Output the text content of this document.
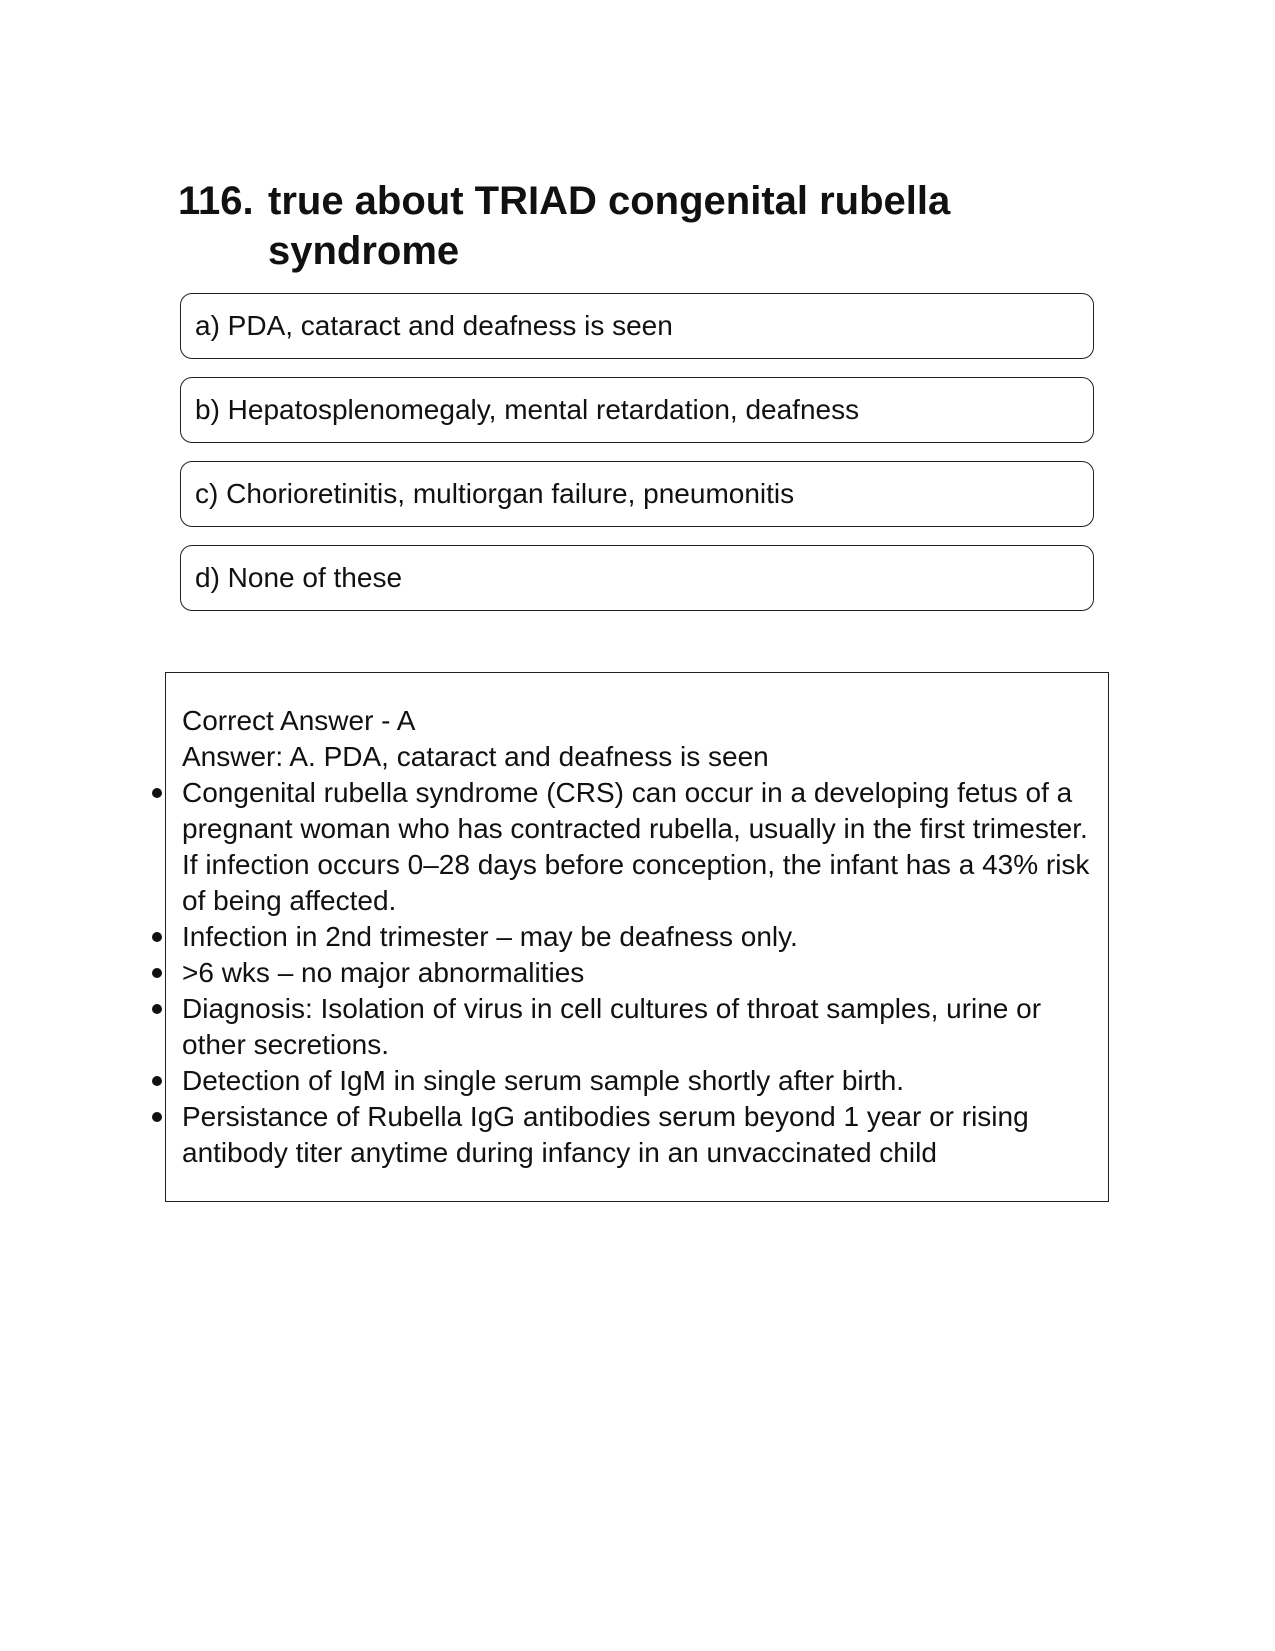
116. true about TRIAD congenital rubella syndrome
a) PDA, cataract and deafness is seen
b) Hepatosplenomegaly, mental retardation, deafness
c) Chorioretinitis, multiorgan failure, pneumonitis
d) None of these
Correct Answer - A
Answer: A. PDA, cataract and deafness is seen
Congenital rubella syndrome (CRS) can occur in a developing fetus of a pregnant woman who has contracted rubella, usually in the first trimester. If infection occurs 0–28 days before conception, the infant has a 43% risk of being affected.
Infection in 2nd trimester – may be deafness only.
>6 wks – no major abnormalities
Diagnosis: Isolation of virus in cell cultures of throat samples, urine or other secretions.
Detection of IgM in single serum sample shortly after birth.
Persistance of Rubella IgG antibodies serum beyond 1 year or rising antibody titer anytime during infancy in an unvaccinated child
